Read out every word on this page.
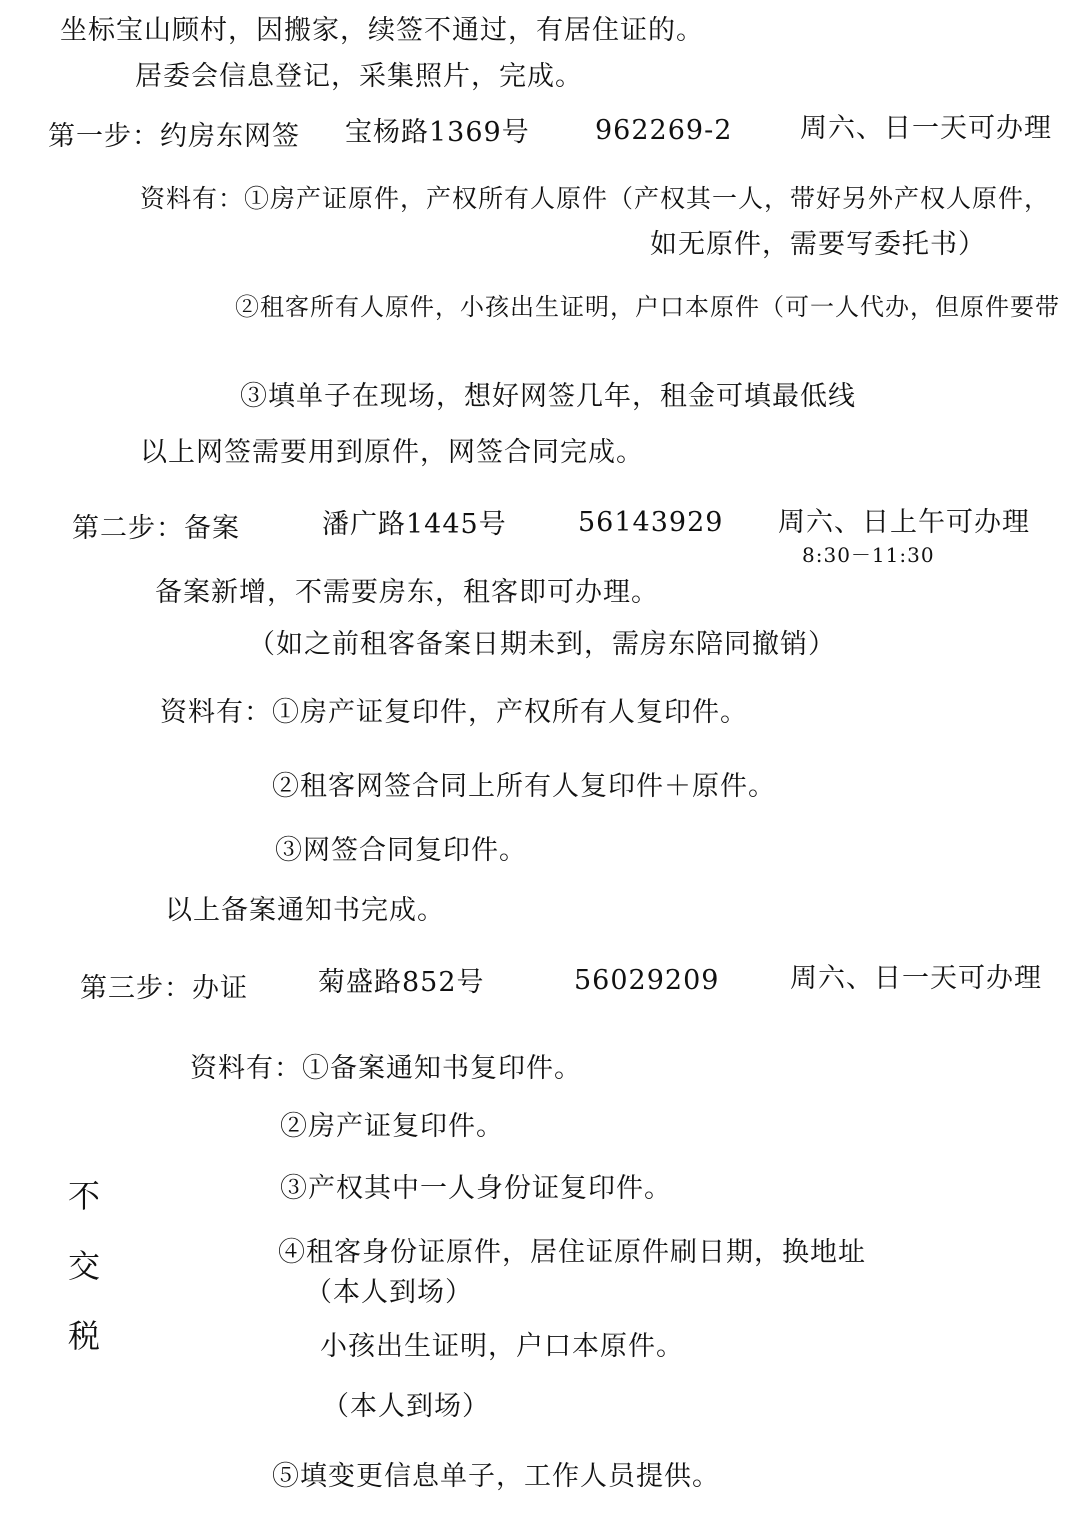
坐标宝山顾村，因搬家，续签不通过，有居住证的。
居委会信息登记，采集照片，完成。
第一步：约房东网签 宝杨路1369号 962269-2	周六、日一天可办理
资料有：①房产证原件，产权所有人原件（产权其一人，带好另外产权人原件，
如无原件，需要写委托书）
②租客所有人原件，小孩出生证明，户口本原件（可一人代办，但原件要带
③填单子在现场，想好网签几年，租金可填最低线
以上网签需要用到原件，网签合同完成。
第二步：备案	潘广路1445号	56143929 周六、日上午可办理
8:30－11:30
备案新增，不需要房东，租客即可办理。
（如之前租客备案日期未到，需房东陪同撤销）
资料有：①房产证复印件，产权所有人复印件。
②租客网签合同上所有人复印件＋原件。
③网签合同复印件。
以上备案通知书完成。
第三步：办证	菊盛路852号	56029209	周六、日一天可办理
资料有：①备案通知书复印件。
②房产证复印件。
③产权其中一人身份证复印件。
④租客身份证原件，居住证原件刷日期，换地址
（本人到场）
小孩出生证明，户口本原件。
（本人到场）
⑤填变更信息单子，工作人员提供。
不
交
税
